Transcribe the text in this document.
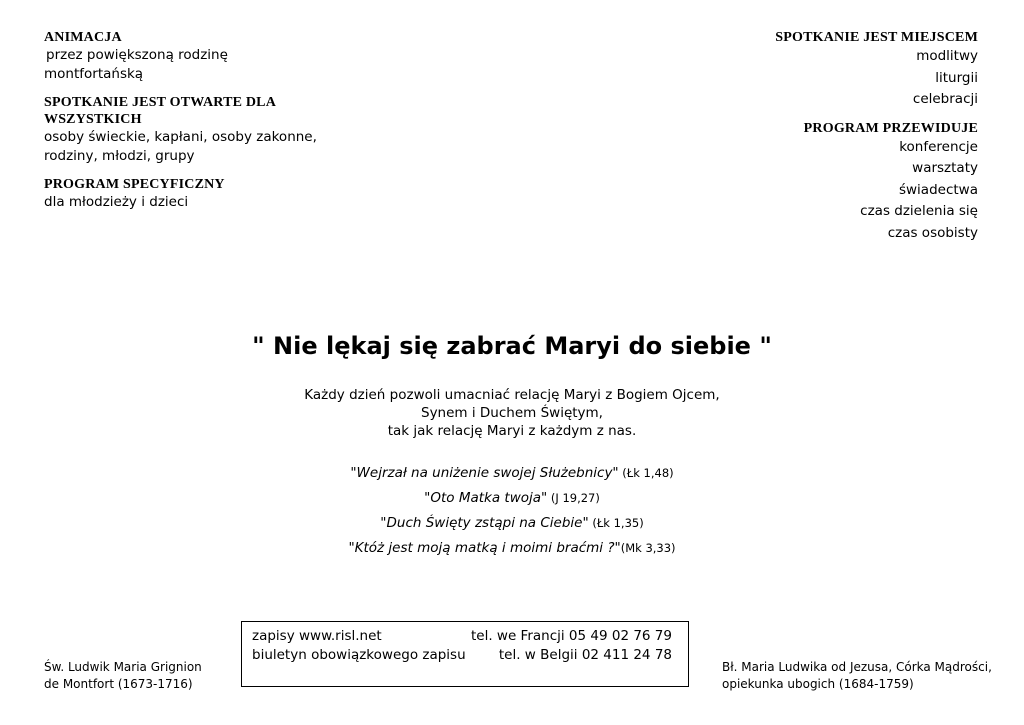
ANIMACJA
przez powiększoną rodzinę
montfortańską
SPOTKANIE JEST OTWARTE DLA
WSZYSTKICH
osoby świeckie, kapłani, osoby zakonne,
rodziny, młodzi, grupy
PROGRAM SPECYFICZNY
dla młodzieży i dzieci
SPOTKANIE JEST MIEJSCEM
modlitwy
liturgii
celebracji
PROGRAM PRZEWIDUJE
konferencje
warsztaty
świadectwa
czas dzielenia się
czas osobisty
" Nie lękaj się zabrać Maryi do siebie "
Każdy dzień pozwoli umacniać relację Maryi z Bogiem Ojcem,
Synem i Duchem Świętym,
tak jak relację Maryi z każdym z nas.
"Wejrzał na uniżenie swojej Służebnicy" (Łk 1,48)
"Oto Matka twoja" (J 19,27)
"Duch Święty zstąpi na Ciebie" (Łk 1,35)
"Któż jest moją matką i moimi braćmi ?"(Mk 3,33)
zapisy www.risl.net	tel. we Francji 05 49 02 76 79
biuletyn obowiązkowego zapisu tel. w Belgii 02 411 24 78
Św. Ludwik Maria Grignion
de Montfort (1673-1716)
Bł. Maria Ludwika od Jezusa, Córka Mądrości,
opiekunka ubogich (1684-1759)
